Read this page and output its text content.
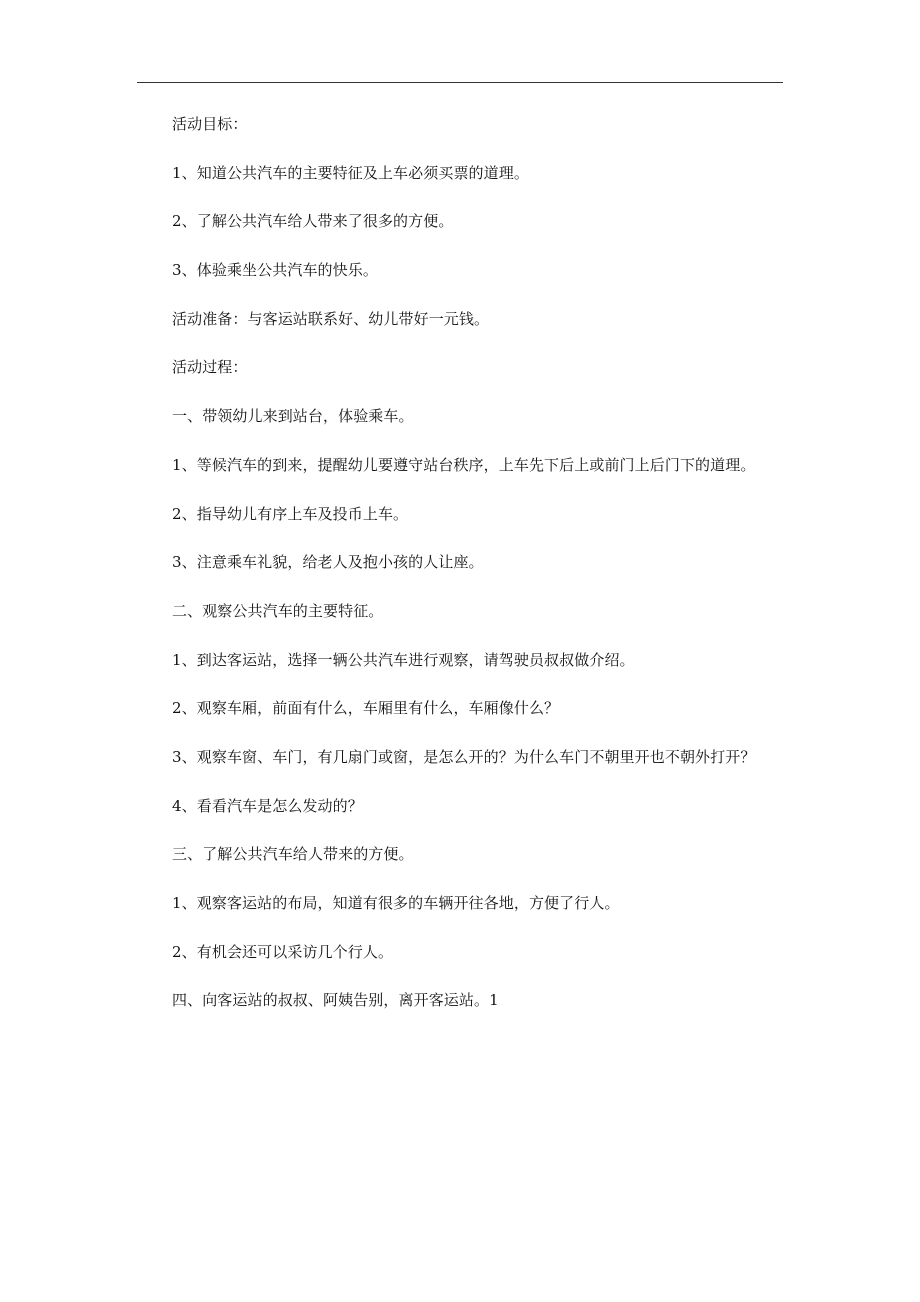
活动目标：
1、知道公共汽车的主要特征及上车必须买票的道理。
2、了解公共汽车给人带来了很多的方便。
3、体验乘坐公共汽车的快乐。
活动准备：与客运站联系好、幼儿带好一元钱。
活动过程：
一、带领幼儿来到站台，体验乘车。
1、等候汽车的到来，提醒幼儿要遵守站台秩序，上车先下后上或前门上后门下的道理。
2、指导幼儿有序上车及投币上车。
3、注意乘车礼貌，给老人及抱小孩的人让座。
二、观察公共汽车的主要特征。
1、到达客运站，选择一辆公共汽车进行观察，请驾驶员叔叔做介绍。
2、观察车厢，前面有什么，车厢里有什么，车厢像什么？
3、观察车窗、车门，有几扇门或窗，是怎么开的？为什么车门不朝里开也不朝外打开？
4、看看汽车是怎么发动的？
三、了解公共汽车给人带来的方便。
1、观察客运站的布局，知道有很多的车辆开往各地，方便了行人。
2、有机会还可以采访几个行人。
四、向客运站的叔叔、阿姨告别，离开客运站。1
